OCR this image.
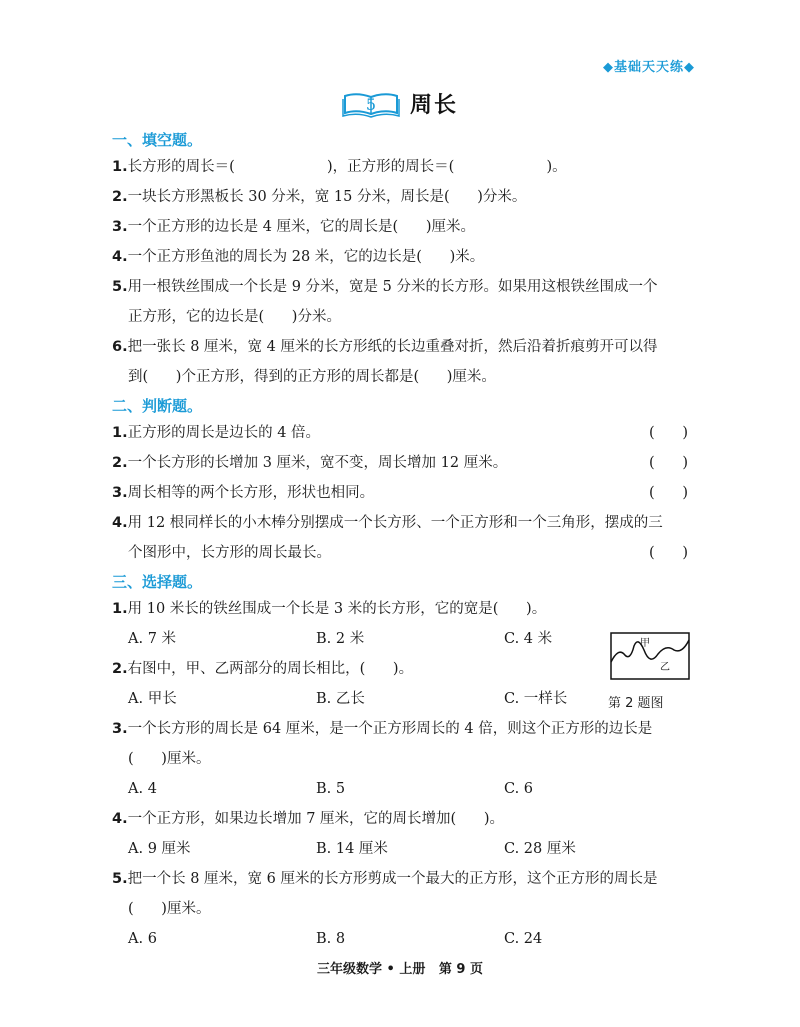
◆基础天天练◆
5 周长
一、填空题。
1.长方形的周长＝(                    )，正方形的周长＝(                    )。
2.一块长方形黑板长 30 分米，宽 15 分米，周长是(      )分米。
3.一个正方形的边长是 4 厘米，它的周长是(      )厘米。
4.一个正方形鱼池的周长为 28 米，它的边长是(      )米。
5.用一根铁丝围成一个长是 9 分米，宽是 5 分米的长方形。如果用这根铁丝围成一个
正方形，它的边长是(      )分米。
6.把一张长 8 厘米，宽 4 厘米的长方形纸的长边重叠对折，然后沿着折痕剪开可以得
到(      )个正方形，得到的正方形的周长都是(      )厘米。
二、判断题。
1.正方形的周长是边长的 4 倍。	(      )
2.一个长方形的长增加 3 厘米，宽不变，周长增加 12 厘米。	(      )
3.周长相等的两个长方形，形状也相同。	(      )
4.用 12 根同样长的小木棒分别摆成一个长方形、一个正方形和一个三角形，摆成的三
个图形中，长方形的周长最长。	(      )
三、选择题。
1.用 10 米长的铁丝围成一个长是 3 米的长方形，它的宽是(      )。
A. 7 米	B. 2 米	C. 4 米
2.右图中，甲、乙两部分的周长相比，(      )。
A. 甲长	B. 乙长	C. 一样长
3.一个长方形的周长是 64 厘米，是一个正方形周长的 4 倍，则这个正方形的边长是
(      )厘米。
A. 4	B. 5	C. 6
4.一个正方形，如果边长增加 7 厘米，它的周长增加(      )。
A. 9 厘米	B. 14 厘米	C. 28 厘米
5.把一个长 8 厘米，宽 6 厘米的长方形剪成一个最大的正方形，这个正方形的周长是
(      )厘米。
A. 6	B. 8	C. 24
甲
乙
第 2 题图
三年级数学 • 上册   第 9 页
